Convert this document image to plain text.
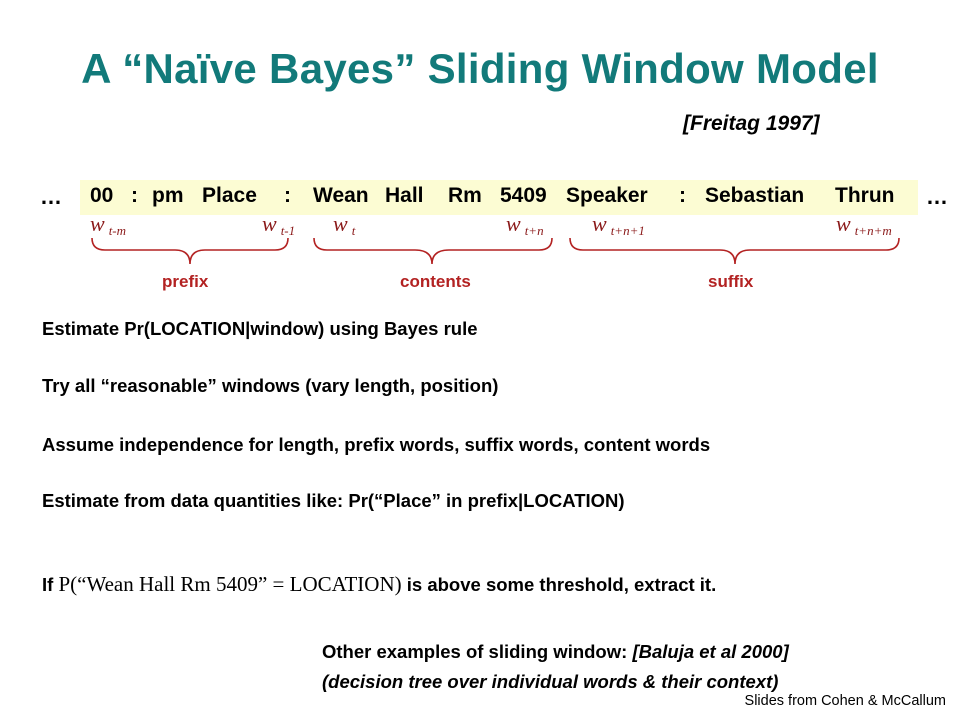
A “Naïve Bayes” Sliding Window Model
[Freitag 1997]
…	…
00 : pm Place : Wean Hall Rm 5409 Speaker : Sebastian Thrun
w $_{t-m}$	w $_{t-1}$ w $_t$	w $_{t+n}$ w $_{t+n+1}$	w $_{t+n+m}$
prefix	contents	suffix
Estimate Pr(LOCATION|window) using Bayes rule
Try all “reasonable” windows (vary length, position)
Assume independence for length, prefix words, suffix words, content words
Estimate from data quantities like: Pr(“Place” in prefix|LOCATION)
If P(“Wean Hall Rm 5409” = LOCATION) is above some threshold, extract it.
Other examples of sliding window: [Baluja et al 2000]
(decision tree over individual words & their context)
Slides from Cohen & McCallum
